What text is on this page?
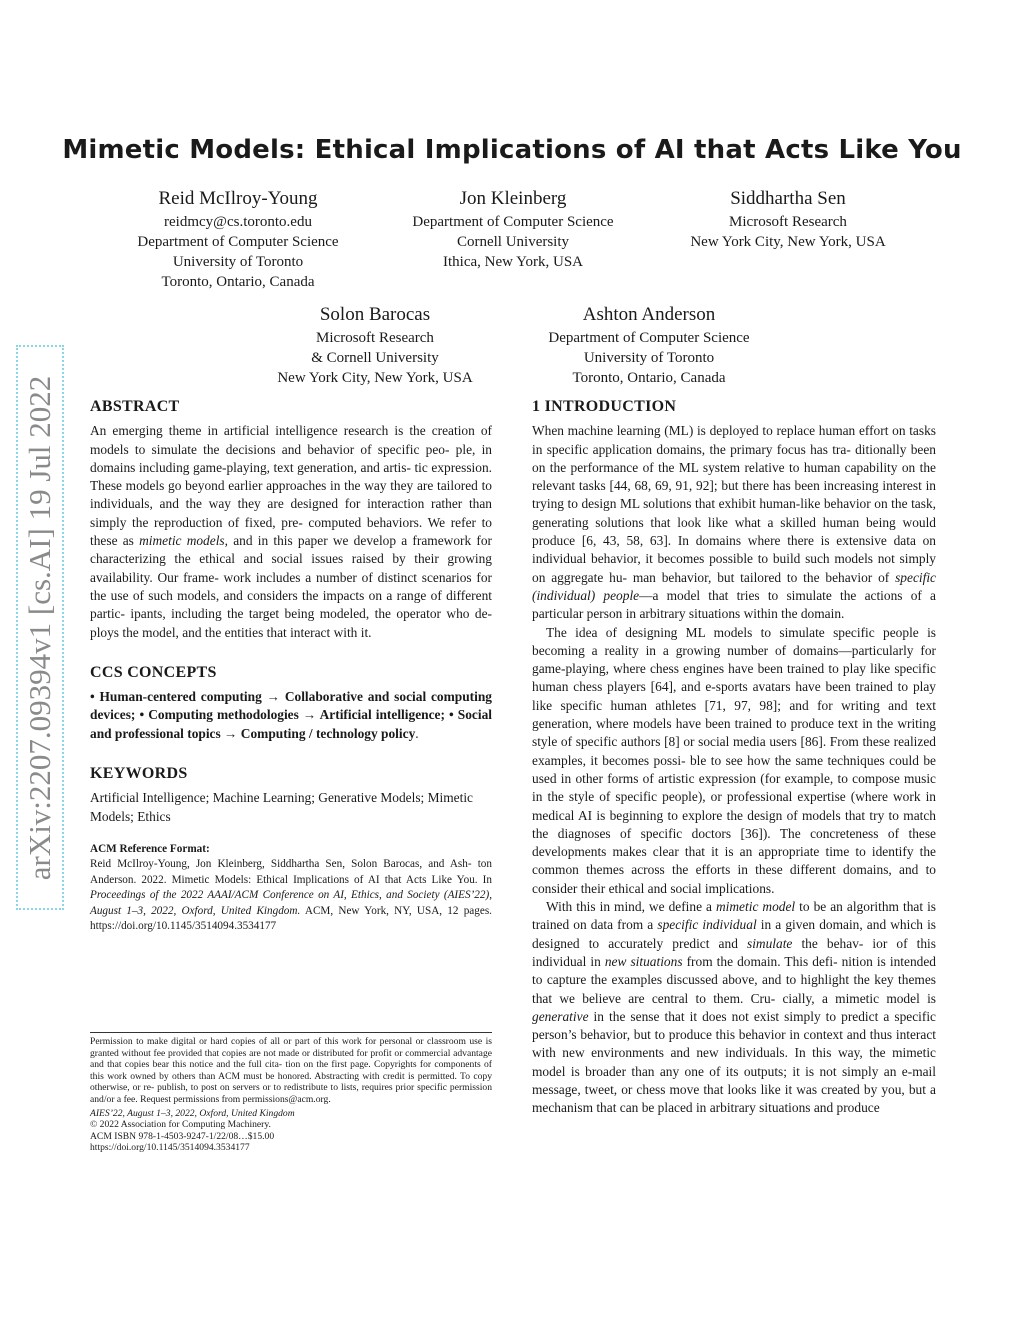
Mimetic Models: Ethical Implications of AI that Acts Like You
Reid McIlroy-Young
reidmcy@cs.toronto.edu
Department of Computer Science
University of Toronto
Toronto, Ontario, Canada
Jon Kleinberg
Department of Computer Science
Cornell University
Ithica, New York, USA
Siddhartha Sen
Microsoft Research
New York City, New York, USA
Solon Barocas
Microsoft Research
& Cornell University
New York City, New York, USA
Ashton Anderson
Department of Computer Science
University of Toronto
Toronto, Ontario, Canada
arXiv:2207.09394v1 [cs.AI] 19 Jul 2022 ABSTRACT

An emerging theme in artificial intelligence research is the creation of models to simulate the decisions and behavior of specific peo- ple, in domains including game-playing, text generation, and artis- tic expression. These models go beyond earlier approaches in the way they are tailored to individuals, and the way they are designed for interaction rather than simply the reproduction of fixed, pre- computed behaviors. We refer to these as mimetic models, and in this paper we develop a framework for characterizing the ethical and social issues raised by their growing availability. Our frame- work includes a number of distinct scenarios for the use of such models, and considers the impacts on a range of different partic- ipants, including the target being modeled, the operator who de- ploys the model, and the entities that interact with it.

CCS CONCEPTS

• Human-centered computing → Collaborative and social computing devices; • Computing methodologies → Artificial intelligence; • Social and professional topics → Computing / technology policy.

KEYWORDS

Artificial Intelligence; Machine Learning; Generative Models; Mimetic Models; Ethics

ACM Reference Format:

Reid McIlroy-Young, Jon Kleinberg, Siddhartha Sen, Solon Barocas, and Ash- ton Anderson. 2022. Mimetic Models: Ethical Implications of AI that Acts Like You. In Proceedings of the 2022 AAAI/ACM Conference on AI, Ethics, and Society (AIES’22), August 1–3, 2022, Oxford, United Kingdom. ACM, New York, NY, USA, 12 pages. https://doi.org/10.1145/3514094.3534177

Permission to make digital or hard copies of all or part of this work for personal or classroom use is granted without fee provided that copies are not made or distributed for profit or commercial advantage and that copies bear this notice and the full cita- tion on the first page. Copyrights for components of this work owned by others than ACM must be honored. Abstracting with credit is permitted. To copy otherwise, or re- publish, to post on servers or to redistribute to lists, requires prior specific permission and/or a fee. Request permissions from permissions@acm.org.

AIES’22, August 1–3, 2022, Oxford, United Kingdom

© 2022 Association for Computing Machinery.

ACM ISBN 978-1-4503-9247-1/22/08…$15.00

https://doi.org/10.1145/3514094.3534177

1 INTRODUCTION

When machine learning (ML) is deployed to replace human effort on tasks in specific application domains, the primary focus has tra- ditionally been on the performance of the ML system relative to human capability on the relevant tasks [44, 68, 69, 91, 92]; but there has been increasing interest in trying to design ML solutions that exhibit human-like behavior on the task, generating solutions that look like what a skilled human being would produce [6, 43, 58, 63]. In domains where there is extensive data on individual behavior, it becomes possible to build such models not simply on aggregate hu- man behavior, but tailored to the behavior of specific (individual) people—a model that tries to simulate the actions of a particular person in arbitrary situations within the domain.

The idea of designing ML models to simulate specific people is becoming a reality in a growing number of domains—particularly for game-playing, where chess engines have been trained to play like specific human chess players [64], and e-sports avatars have been trained to play like specific human athletes [71, 97, 98]; and for writing and text generation, where models have been trained to produce text in the writing style of specific authors [8] or social media users [86]. From these realized examples, it becomes possi- ble to see how the same techniques could be used in other forms of artistic expression (for example, to compose music in the style of specific people), or professional expertise (where work in medical AI is beginning to explore the design of models that try to match the diagnoses of specific doctors [36]). The concreteness of these developments makes clear that it is an appropriate time to identify the common themes across the efforts in these different domains, and to consider their ethical and social implications.

With this in mind, we define a mimetic model to be an algorithm that is trained on data from a specific individual in a given domain, and which is designed to accurately predict and simulate the behav- ior of this individual in new situations from the domain. This defi- nition is intended to capture the examples discussed above, and to highlight the key themes that we believe are central to them. Cru- cially, a mimetic model is generative in the sense that it does not exist simply to predict a specific person’s behavior, but to produce this behavior in context and thus interact with new environments and new individuals. In this way, the mimetic model is broader than any one of its outputs; it is not simply an e-mail message, tweet, or chess move that looks like it was created by you, but a mechanism that can be placed in arbitrary situations and produce
